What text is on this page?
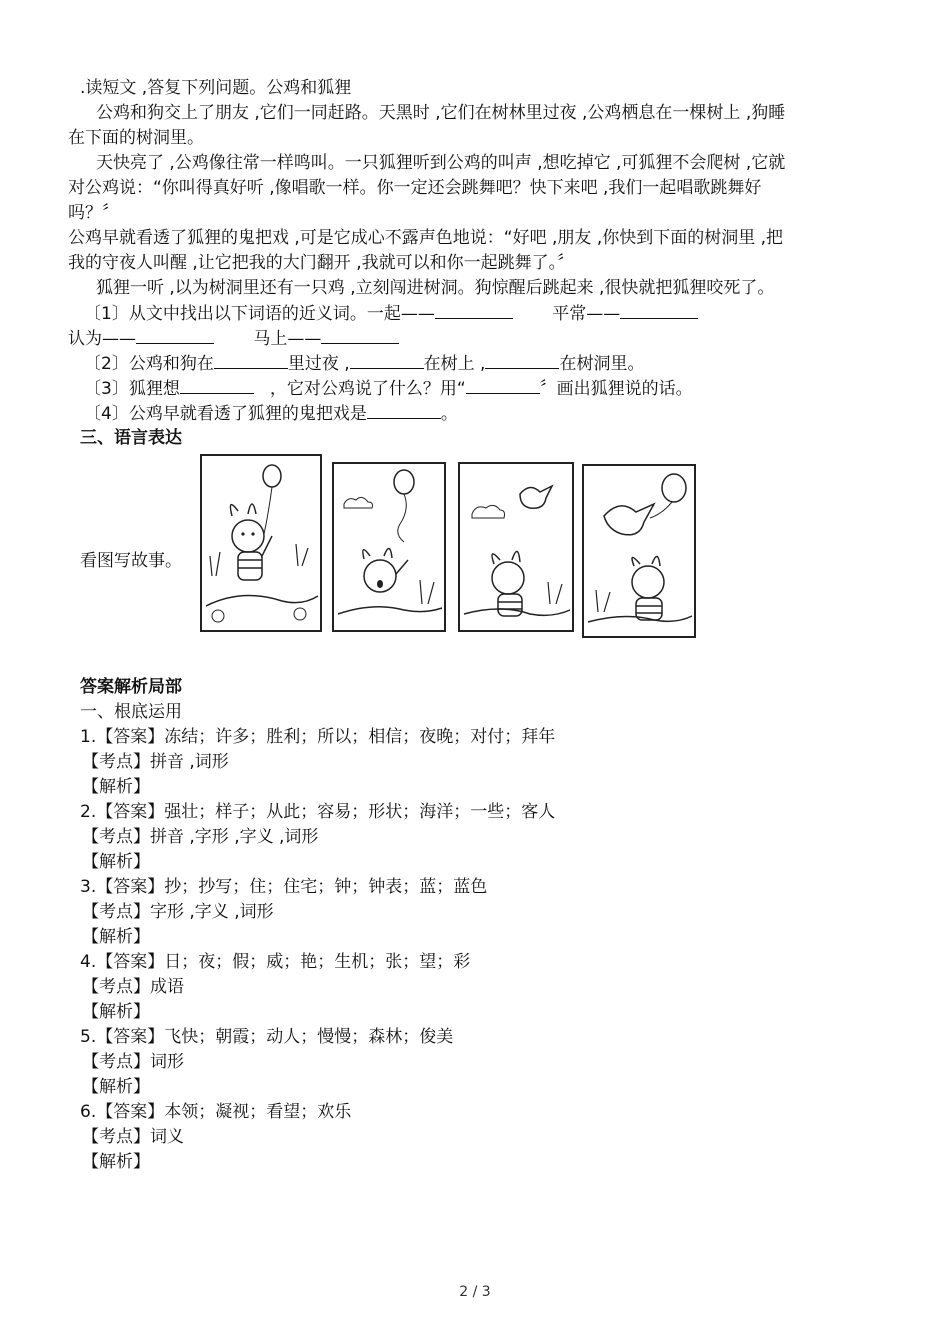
.读短文 ,答复下列问题。公鸡和狐狸
公鸡和狗交上了朋友 ,它们一同赶路。天黑时 ,它们在树林里过夜 ,公鸡栖息在一棵树上 ,狗睡
在下面的树洞里。
天快亮了 ,公鸡像往常一样鸣叫。一只狐狸听到公鸡的叫声 ,想吃掉它 ,可狐狸不会爬树 ,它就
对公鸡说：“你叫得真好听 ,像唱歌一样。你一定还会跳舞吧？快下来吧 ,我们一起唱歌跳舞好
吗？〞
公鸡早就看透了狐狸的鬼把戏 ,可是它成心不露声色地说：“好吧 ,朋友 ,你快到下面的树洞里 ,把
我的守夜人叫醒 ,让它把我的大门翻开 ,我就可以和你一起跳舞了。〞
狐狸一听 ,以为树洞里还有一只鸡 ,立刻闯进树洞。狗惊醒后跳起来 ,很快就把狐狸咬死了。
〔1〕从文中找出以下词语的近义词。一起——	平常——
认为——	马上——
〔2〕公鸡和狗在	里过夜 ,	在树上 ,	在树洞里。
〔3〕狐狸想	，它对公鸡说了什么？用“	〞画出狐狸说的话。
〔4〕公鸡早就看透了狐狸的鬼把戏是	。
三、语言表达
看图写故事。
答案解析局部
一、根底运用
1.【答案】冻结；许多；胜利；所以；相信；夜晚；对付；拜年
【考点】拼音 ,词形
【解析】
2.【答案】强壮；样子；从此；容易；形状；海洋；一些；客人
【考点】拼音 ,字形 ,字义 ,词形
【解析】
3.【答案】抄；抄写；住；住宅；钟；钟表；蓝；蓝色
【考点】字形 ,字义 ,词形
【解析】
4.【答案】日；夜；假；威；艳；生机；张；望；彩
【考点】成语
【解析】
5.【答案】飞快；朝霞；动人；慢慢；森林；俊美
【考点】词形
【解析】
6.【答案】本领；凝视；看望；欢乐
【考点】词义
【解析】
2 / 3
